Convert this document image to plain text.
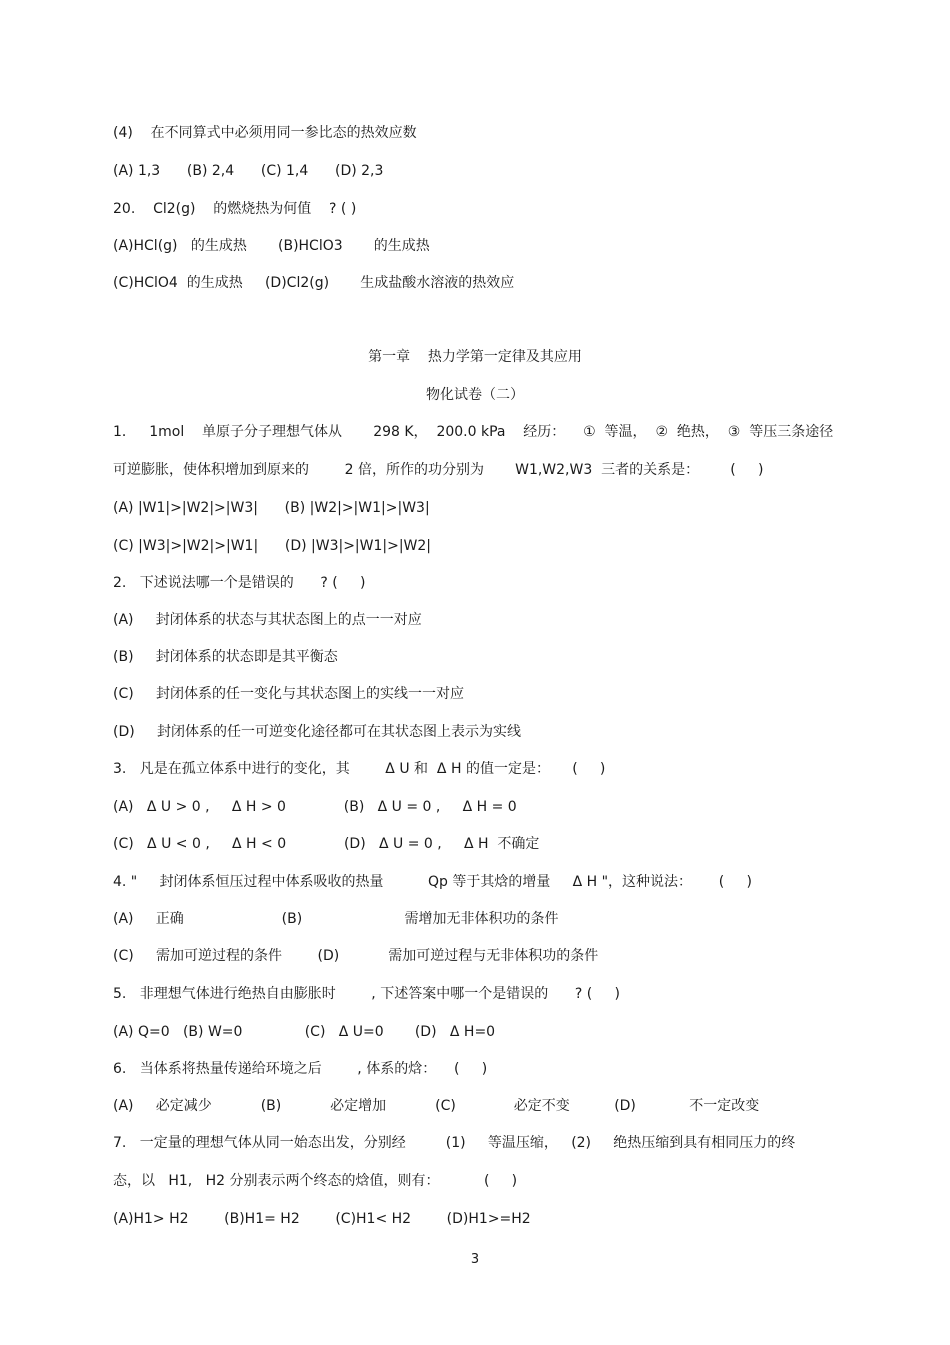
(4)    在不同算式中必须用同一参比态的热效应数
(A) 1,3      (B) 2,4      (C) 1,4      (D) 2,3
20.    Cl2(g)    的燃烧热为何值    ? ( )
(A)HCl(g)   的生成热       (B)HClO3       的生成热
(C)HClO4  的生成热     (D)Cl2(g)       生成盐酸水溶液的热效应
第一章    热力学第一定律及其应用
物化试卷（二）
1．   1mol    单原子分子理想气体从       298 K，  200.0 kPa    经历：    ①  等温，  ②  绝热，  ③  等压三条途径
可逆膨胀，使体积增加到原来的        2 倍，所作的功分别为       W1,W2,W3  三者的关系是：       (     )
(A) |W1|>|W2|>|W3|      (B) |W2|>|W1|>|W3|
(C) |W3|>|W2|>|W1|      (D) |W3|>|W1|>|W2|
2.   下述说法哪一个是错误的      ? (     )
(A)     封闭体系的状态与其状态图上的点一一对应
(B)     封闭体系的状态即是其平衡态
(C)     封闭体系的任一变化与其状态图上的实线一一对应
(D)     封闭体系的任一可逆变化途径都可在其状态图上表示为实线
3.   凡是在孤立体系中进行的变化，其        Δ U 和  Δ H 的值一定是：     (     )
(A)   Δ U > 0 ,     Δ H > 0             (B)   Δ U = 0 ,     Δ H = 0
(C)   Δ U < 0 ,     Δ H < 0             (D)   Δ U = 0 ,     Δ H  不确定
4. "     封闭体系恒压过程中体系吸收的热量          Qp 等于其焓的增量     Δ H "，这种说法：      (     )
(A)     正确                      (B)                       需增加无非体积功的条件
(C)     需加可逆过程的条件        (D)           需加可逆过程与无非体积功的条件
5.   非理想气体进行绝热自由膨胀时        , 下述答案中哪一个是错误的      ? (     )
(A) Q=0   (B) W=0              (C)   Δ U=0       (D)   Δ H=0
6.   当体系将热量传递给环境之后        , 体系的焓：    (     )
(A)     必定减少           (B)           必定增加           (C)             必定不变          (D)            不一定改变
7.   一定量的理想气体从同一始态出发，分别经         (1)     等温压缩，   (2)     绝热压缩到具有相同压力的终
态，以   H1,   H2 分别表示两个终态的焓值，则有：          (     )
(A)H1> H2        (B)H1= H2        (C)H1< H2        (D)H1>=H2
3
